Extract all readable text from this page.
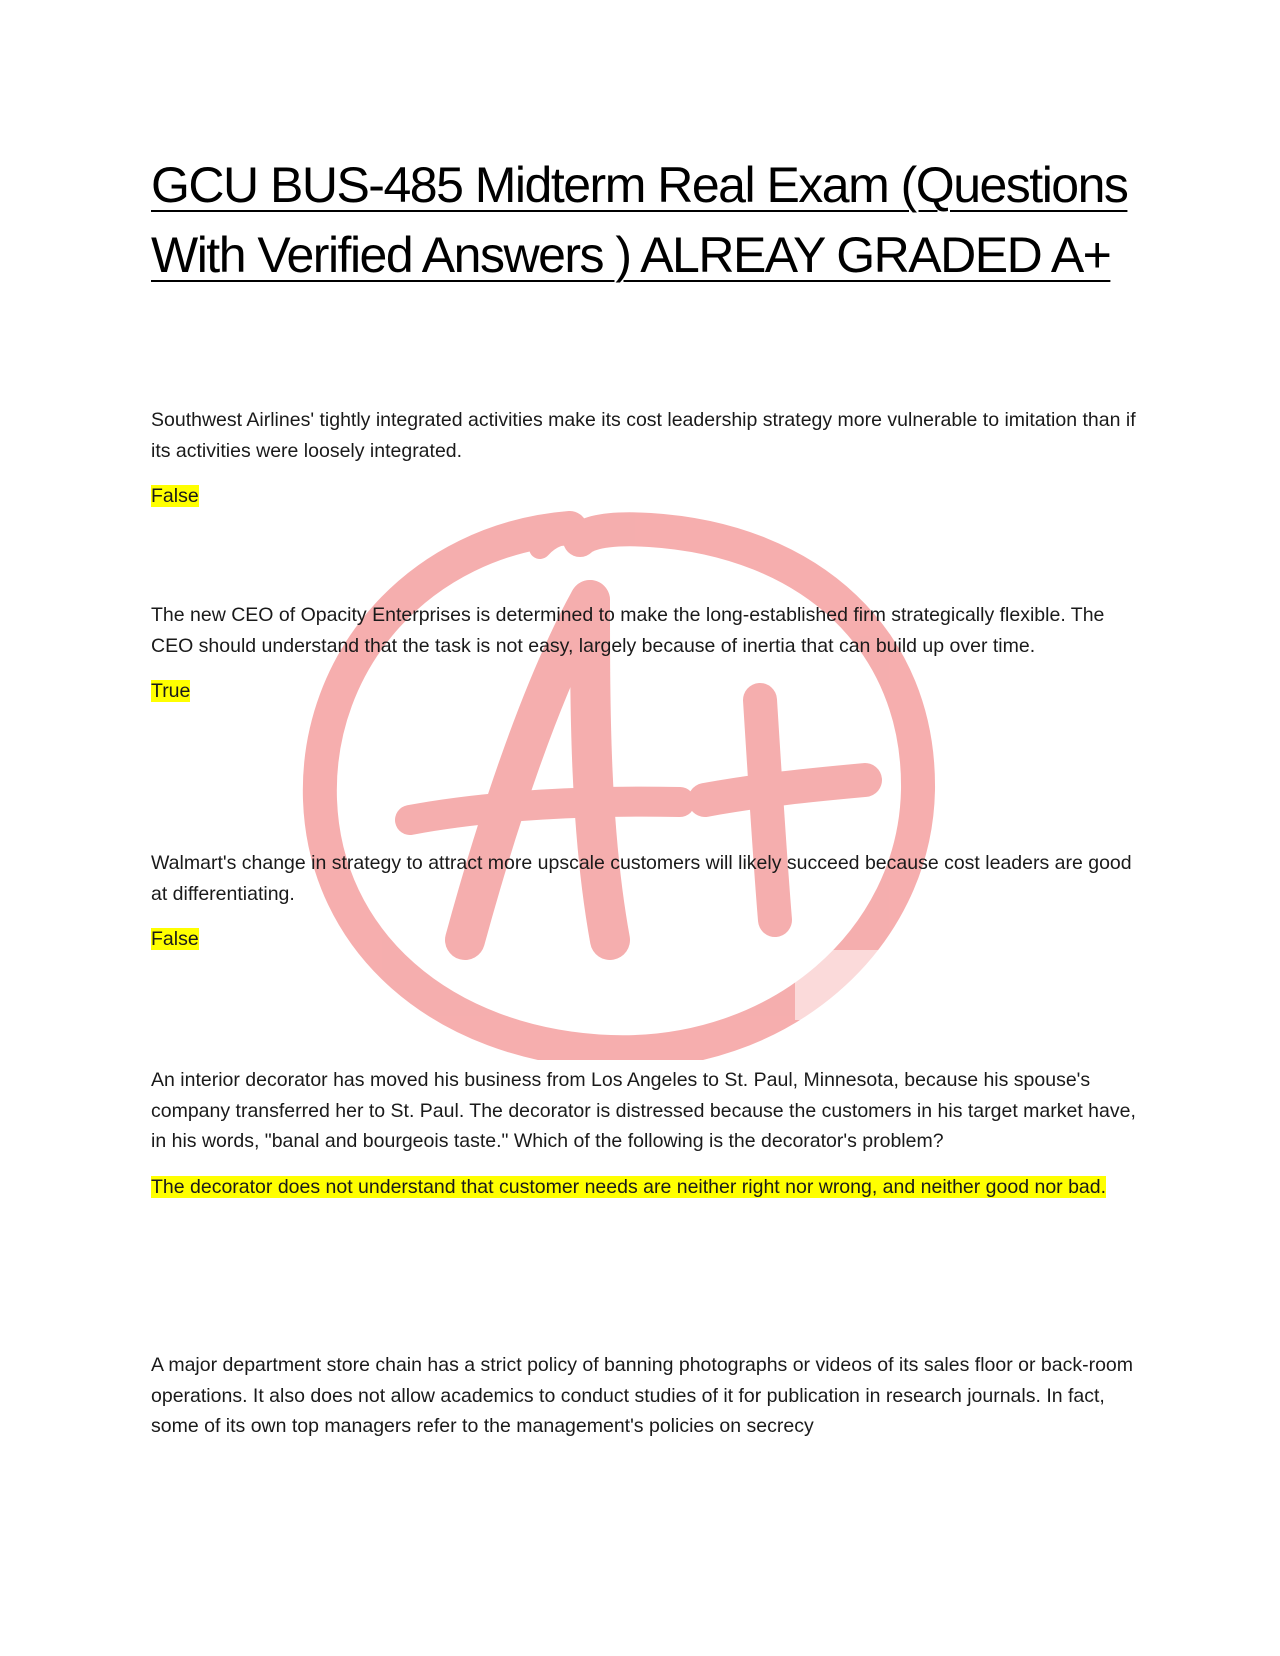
or
GCU BUS-485 Midterm Real Exam (Questions With Verified Answers ) ALREAY GRADED A+

Southwest Airlines' tightly integrated activities make its cost leadership strategy more vulnerable to imitation than if its activities were loosely integrated.

False

The new CEO of Opacity Enterprises is determined to make the long-established firm strategically flexible. The CEO should understand that the task is not easy, largely because of inertia that can build up over time.

True

Walmart's change in strategy to attract more upscale customers will likely succeed because cost leaders are good at differentiating.

False

An interior decorator has moved his business from Los Angeles to St. Paul, Minnesota, because his spouse's company transferred her to St. Paul. The decorator is distressed because the customers in his target market have, in his words, "banal and bourgeois taste." Which of the following is the decorator's problem?

The decorator does not understand that customer needs are neither right nor wrong, and neither good nor bad.

A major department store chain has a strict policy of banning photographs or videos of its sales floor or back-room operations. It also does not allow academics to conduct studies of it for publication in research journals. In fact, some of its own top managers refer to the management's policies on secrecy
